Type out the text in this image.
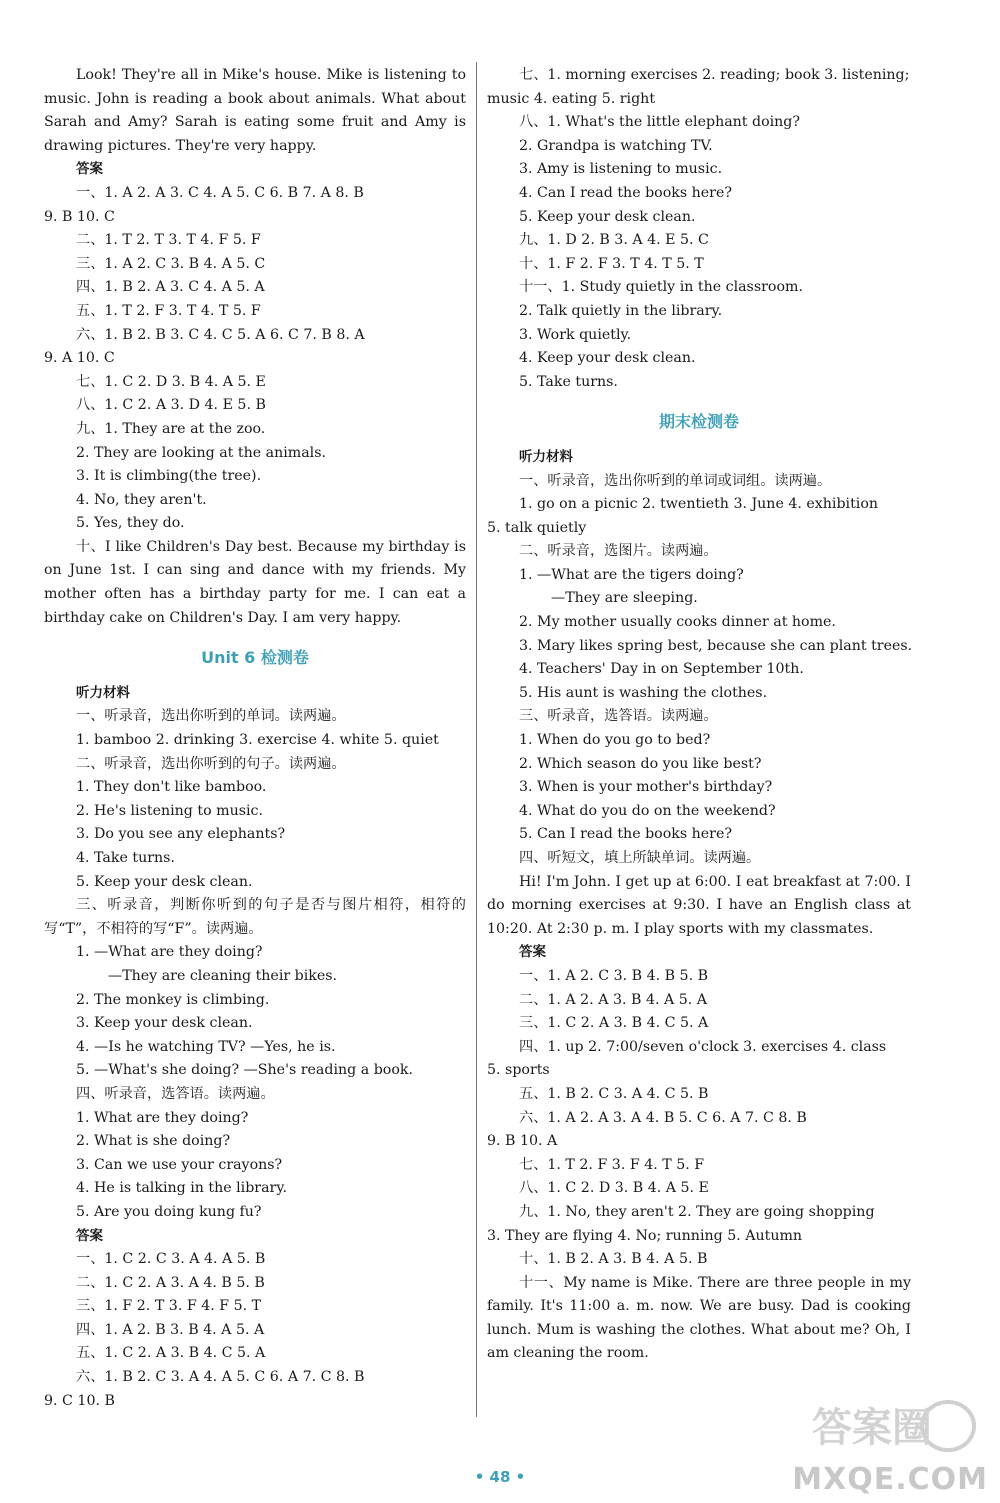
Look! They're all in Mike's house. Mike is listening to music. John is reading a book about animals. What about Sarah and Amy? Sarah is eating some fruit and Amy is drawing pictures. They're very happy.
答案
一、1. A 2. A 3. C 4. A 5. C 6. B 7. A 8. B
9. B 10. C
二、1. T 2. T 3. T 4. F 5. F
三、1. A 2. C 3. B 4. A 5. C
四、1. B 2. A 3. C 4. A 5. A
五、1. T 2. F 3. T 4. T 5. F
六、1. B 2. B 3. C 4. C 5. A 6. C 7. B 8. A
9. A 10. C
七、1. C 2. D 3. B 4. A 5. E
八、1. C 2. A 3. D 4. E 5. B
九、1. They are at the zoo.
2. They are looking at the animals.
3. It is climbing(the tree).
4. No, they aren't.
5. Yes, they do.
十、I like Children's Day best. Because my birthday is on June 1st. I can sing and dance with my friends. My mother often has a birthday party for me. I can eat a birthday cake on Children's Day. I am very happy.
Unit 6 检测卷
听力材料
一、听录音，选出你听到的单词。读两遍。
1. bamboo 2. drinking 3. exercise 4. white 5. quiet
二、听录音，选出你听到的句子。读两遍。
1. They don't like bamboo.
2. He's listening to music.
3. Do you see any elephants?
4. Take turns.
5. Keep your desk clean.
三、听录音，判断你听到的句子是否与图片相符，相符的写“T”，不相符的写“F”。读两遍。
1. —What are they doing?
—They are cleaning their bikes.
2. The monkey is climbing.
3. Keep your desk clean.
4. —Is he watching TV? —Yes, he is.
5. —What's she doing? —She's reading a book.
四、听录音，选答语。读两遍。
1. What are they doing?
2. What is she doing?
3. Can we use your crayons?
4. He is talking in the library.
5. Are you doing kung fu?
答案
一、1. C 2. C 3. A 4. A 5. B
二、1. C 2. A 3. A 4. B 5. B
三、1. F 2. T 3. F 4. F 5. T
四、1. A 2. B 3. B 4. A 5. A
五、1. C 2. A 3. B 4. C 5. A
六、1. B 2. C 3. A 4. A 5. C 6. A 7. C 8. B
9. C 10. B
七、1. morning exercises 2. reading; book 3. listening;
music 4. eating 5. right
八、1. What's the little elephant doing?
2. Grandpa is watching TV.
3. Amy is listening to music.
4. Can I read the books here?
5. Keep your desk clean.
九、1. D 2. B 3. A 4. E 5. C
十、1. F 2. F 3. T 4. T 5. T
十一、1. Study quietly in the classroom.
2. Talk quietly in the library.
3. Work quietly.
4. Keep your desk clean.
5. Take turns.
期末检测卷
听力材料
一、听录音，选出你听到的单词或词组。读两遍。
1. go on a picnic 2. twentieth 3. June 4. exhibition
5. talk quietly
二、听录音，选图片。读两遍。
1. —What are the tigers doing?
—They are sleeping.
2. My mother usually cooks dinner at home.
3. Mary likes spring best, because she can plant trees.
4. Teachers' Day in on September 10th.
5. His aunt is washing the clothes.
三、听录音，选答语。读两遍。
1. When do you go to bed?
2. Which season do you like best?
3. When is your mother's birthday?
4. What do you do on the weekend?
5. Can I read the books here?
四、听短文，填上所缺单词。读两遍。
Hi! I'm John. I get up at 6:00. I eat breakfast at 7:00. I do morning exercises at 9:30. I have an English class at 10:20. At 2:30 p. m. I play sports with my classmates.
答案
一、1. A 2. C 3. B 4. B 5. B
二、1. A 2. A 3. B 4. A 5. A
三、1. C 2. A 3. B 4. C 5. A
四、1. up 2. 7:00/seven o'clock 3. exercises 4. class
5. sports
五、1. B 2. C 3. A 4. C 5. B
六、1. A 2. A 3. A 4. B 5. C 6. A 7. C 8. B
9. B 10. A
七、1. T 2. F 3. F 4. T 5. F
八、1. C 2. D 3. B 4. A 5. E
九、1. No, they aren't 2. They are going shopping
3. They are flying 4. No; running 5. Autumn
十、1. B 2. A 3. B 4. A 5. B
十一、My name is Mike. There are three people in my family. It's 11:00 a. m. now. We are busy. Dad is cooking lunch. Mum is washing the clothes. What about me? Oh, I am cleaning the room.
• 48 •
答案圈
MXQE.COM
